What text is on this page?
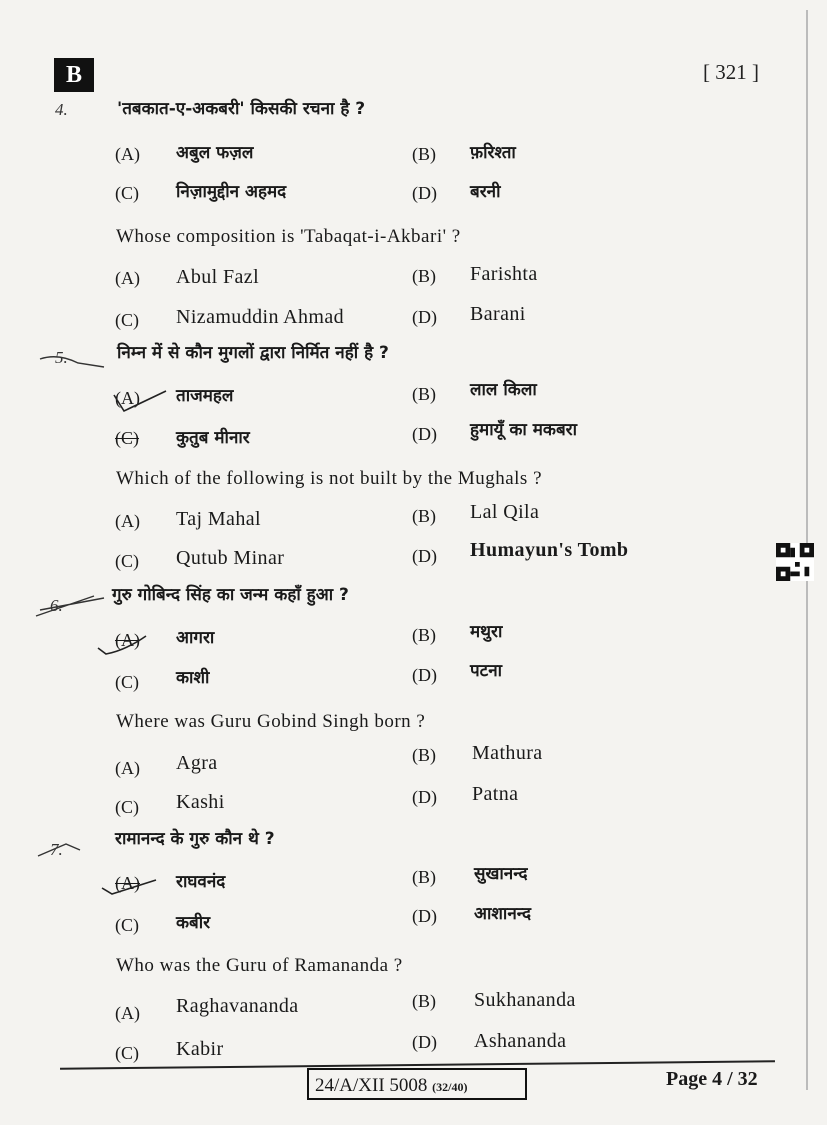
B	[ 321 ]
4.	'तबकात-ए-अकबरी' किसकी रचना है ?
(A) अबुल फज़ल	(B) फ़रिश्ता
(C) निज़ामुद्दीन अहमद	(D) बरनी
Whose composition is 'Tabaqat-i-Akbari' ?
(A) Abul Fazl	(B) Farishta
(C) Nizamuddin Ahmad	(D) Barani
5.	निम्न में से कौन मुगलों द्वारा निर्मित नहीं है ?
(A) ताजमहल	(B) लाल किला
(C) कुतुब मीनार	(D) हुमायूँ का मकबरा
Which of the following is not built by the Mughals ?
(A) Taj Mahal	(B) Lal Qila
(C) Qutub Minar	(D) Humayun's Tomb
6.
गुरु गोबिन्द सिंह का जन्म कहाँ हुआ ?
(A) आगरा	(B) मथुरा
(C) काशी	(D) पटना
Where was Guru Gobind Singh born ?
(A) Agra	(B) Mathura
(C) Kashi	(D) Patna
7.
रामानन्द के गुरु कौन थे ?
(A) राघवनंद	(B) सुखानन्द
(C) कबीर	(D) आशानन्द
Who was the Guru of Ramananda ?
(A) Raghavananda	(B) Sukhananda
(C) Kabir	(D) Ashananda
24/A/XII 5008 (32/40)	Page 4 / 32
